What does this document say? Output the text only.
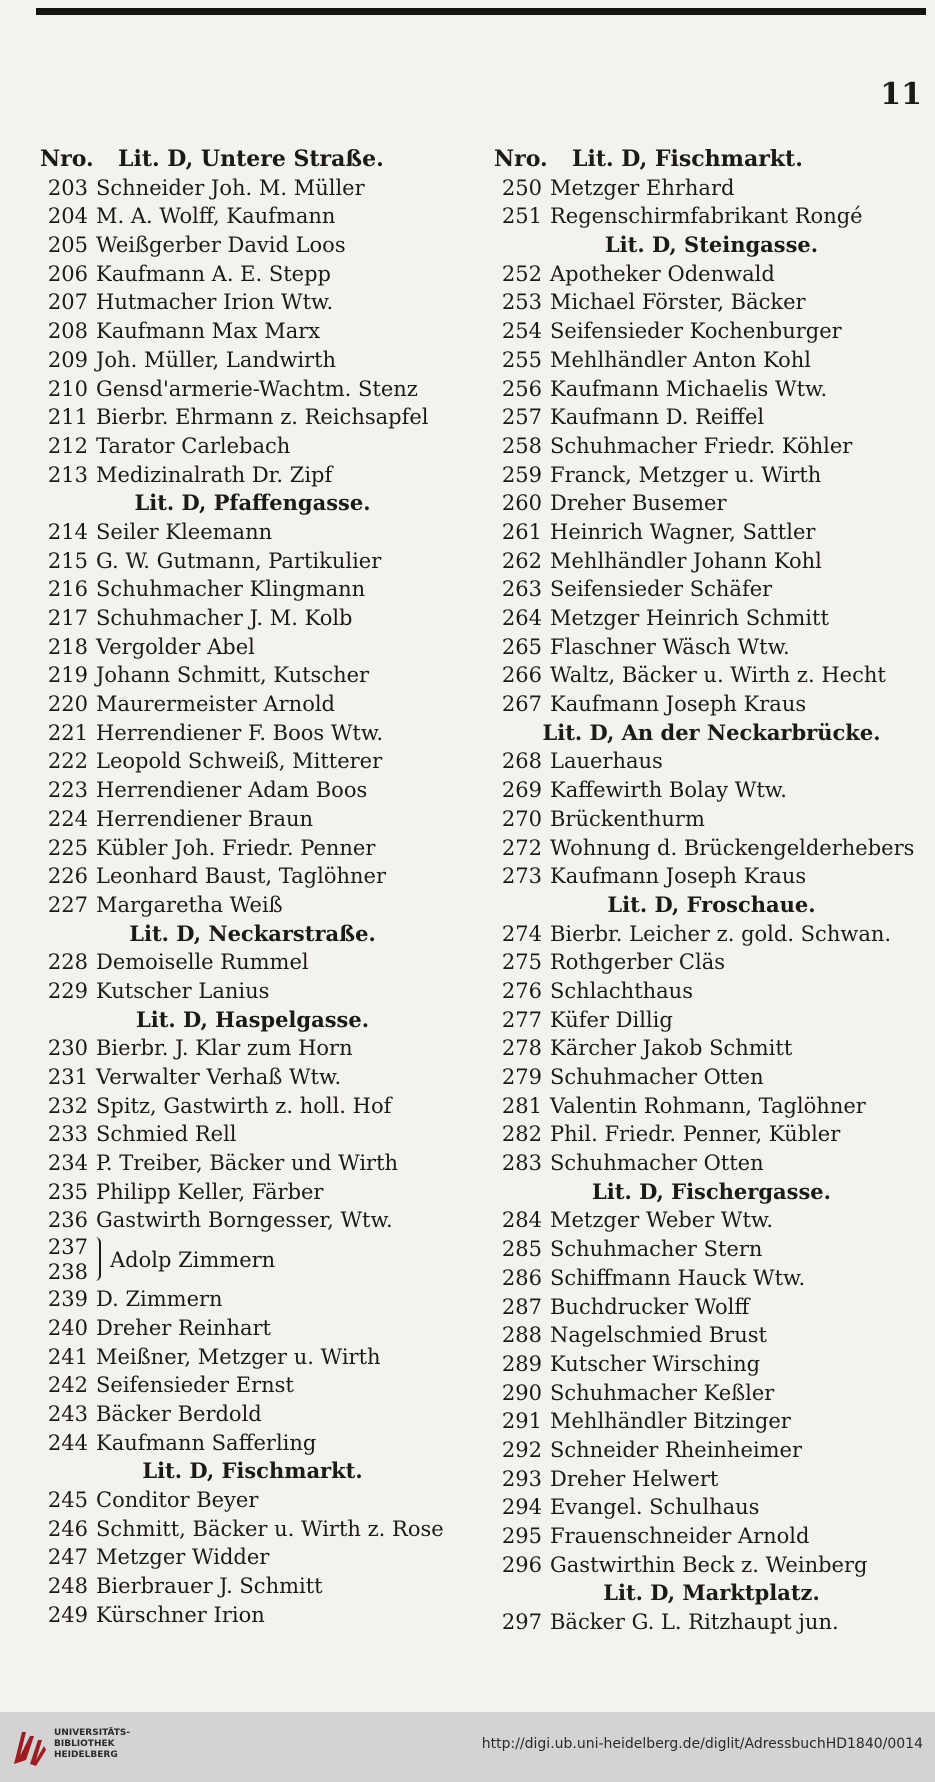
11
Nro. Lit. D, Untere Straße.
203 Schneider Joh. M. Müller
204 M. A. Wolff, Kaufmann
205 Weißgerber David Loos
206 Kaufmann A. E. Stepp
207 Hutmacher Irion Wtw.
208 Kaufmann Max Marx
209 Joh. Müller, Landwirth
210 Gensd'armerie-Wachtm. Stenz
211 Bierbr. Ehrmann z. Reichsapfel
212 Tarator Carlebach
213 Medizinalrath Dr. Zipf
Lit. D, Pfaffengasse.
214 Seiler Kleemann
215 G. W. Gutmann, Partikulier
216 Schuhmacher Klingmann
217 Schuhmacher J. M. Kolb
218 Vergolder Abel
219 Johann Schmitt, Kutscher
220 Maurermeister Arnold
221 Herrendiener F. Boos Wtw.
222 Leopold Schweiß, Mitterer
223 Herrendiener Adam Boos
224 Herrendiener Braun
225 Kübler Joh. Friedr. Penner
226 Leonhard Baust, Taglöhner
227 Margaretha Weiß
Lit. D, Neckarstraße.
228 Demoiselle Rummel
229 Kutscher Lanius
Lit. D, Haspelgasse.
230 Bierbr. J. Klar zum Horn
231 Verwalter Verhaß Wtw.
232 Spitz, Gastwirth z. holl. Hof
233 Schmied Rell
234 P. Treiber, Bäcker und Wirth
235 Philipp Keller, Färber
236 Gastwirth Borngesser, Wtw.
237
238 Adolp Zimmern
239 D. Zimmern
240 Dreher Reinhart
241 Meißner, Metzger u. Wirth
242 Seifensieder Ernst
243 Bäcker Berdold
244 Kaufmann Safferling
Lit. D, Fischmarkt.
245 Conditor Beyer
246 Schmitt, Bäcker u. Wirth z. Rose
247 Metzger Widder
248 Bierbrauer J. Schmitt
249 Kürschner Irion
Nro. Lit. D, Fischmarkt.
250 Metzger Ehrhard
251 Regenschirmfabrikant Rongé
Lit. D, Steingasse.
252 Apotheker Odenwald
253 Michael Förster, Bäcker
254 Seifensieder Kochenburger
255 Mehlhändler Anton Kohl
256 Kaufmann Michaelis Wtw.
257 Kaufmann D. Reiffel
258 Schuhmacher Friedr. Köhler
259 Franck, Metzger u. Wirth
260 Dreher Busemer
261 Heinrich Wagner, Sattler
262 Mehlhändler Johann Kohl
263 Seifensieder Schäfer
264 Metzger Heinrich Schmitt
265 Flaschner Wäsch Wtw.
266 Waltz, Bäcker u. Wirth z. Hecht
267 Kaufmann Joseph Kraus
Lit. D, An der Neckarbrücke.
268 Lauerhaus
269 Kaffewirth Bolay Wtw.
270 Brückenthurm
272 Wohnung d. Brückengelderhebers
273 Kaufmann Joseph Kraus
Lit. D, Froschaue.
274 Bierbr. Leicher z. gold. Schwan.
275 Rothgerber Cläs
276 Schlachthaus
277 Küfer Dillig
278 Kärcher Jakob Schmitt
279 Schuhmacher Otten
281 Valentin Rohmann, Taglöhner
282 Phil. Friedr. Penner, Kübler
283 Schuhmacher Otten
Lit. D, Fischergasse.
284 Metzger Weber Wtw.
285 Schuhmacher Stern
286 Schiffmann Hauck Wtw.
287 Buchdrucker Wolff
288 Nagelschmied Brust
289 Kutscher Wirsching
290 Schuhmacher Keßler
291 Mehlhändler Bitzinger
292 Schneider Rheinheimer
293 Dreher Helwert
294 Evangel. Schulhaus
295 Frauenschneider Arnold
296 Gastwirthin Beck z. Weinberg
Lit. D, Marktplatz.
297 Bäcker G. L. Ritzhaupt jun.
UNIVERSITÄTS-
BIBLIOTHEK
HEIDELBERG
http://digi.ub.uni-heidelberg.de/diglit/AdressbuchHD1840/0014
